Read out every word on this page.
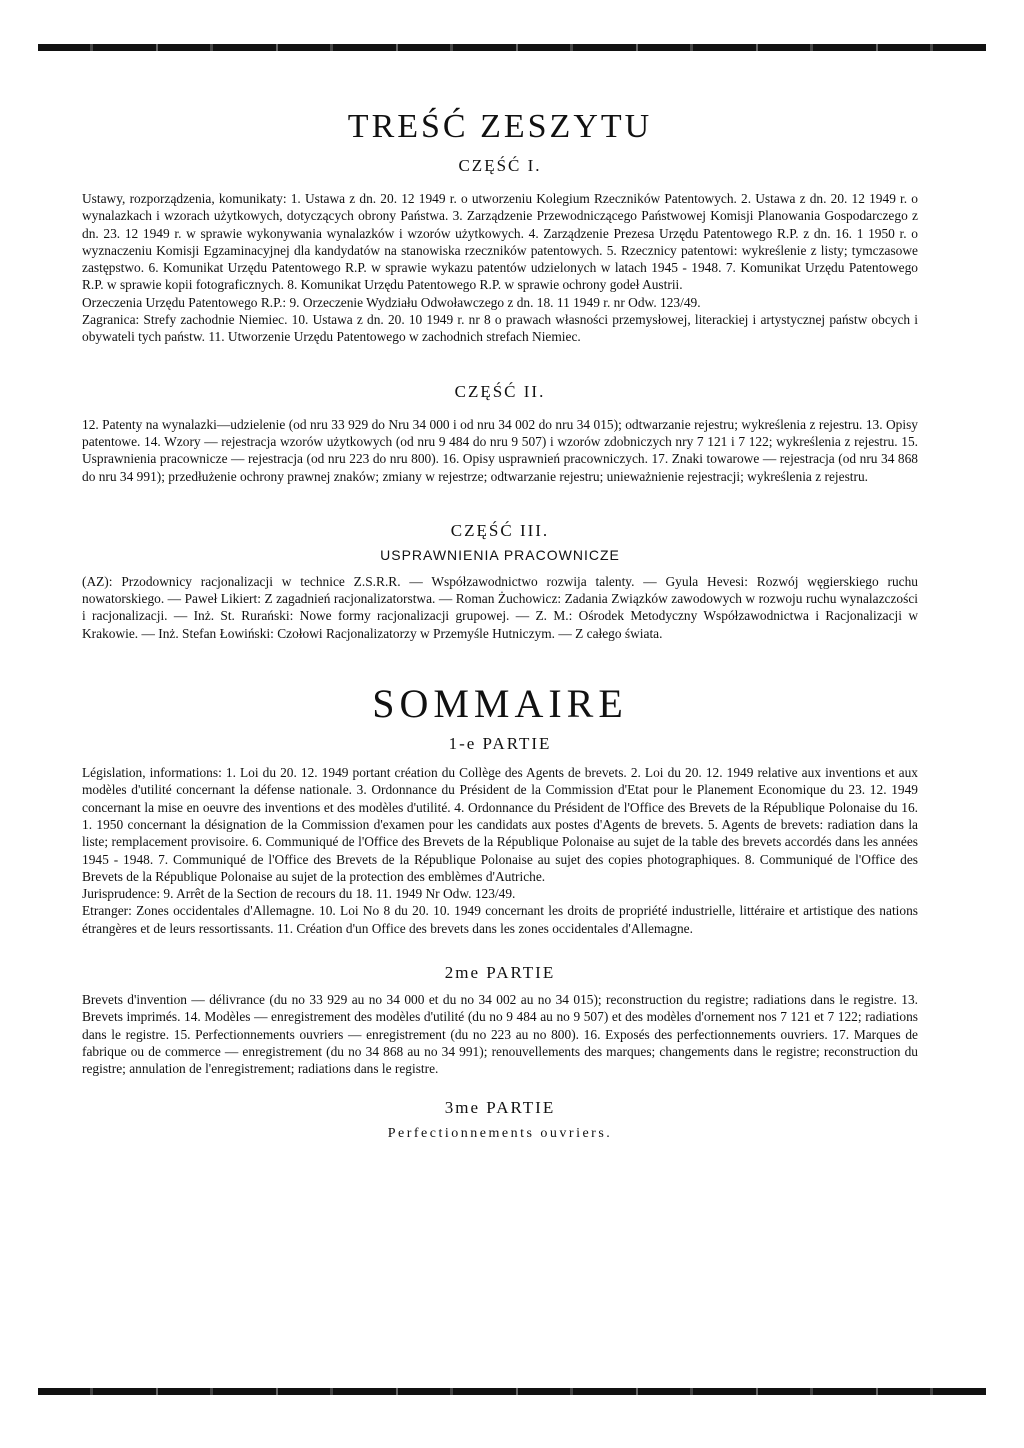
TREŚĆ ZESZYTU
CZĘŚĆ I.

Ustawy, rozporządzenia, komunikaty: 1. Ustawa z dn. 20. 12 1949 r. o utworzeniu Kolegium Rzeczników Patentowych. 2. Ustawa z dn. 20. 12 1949 r. o wynalazkach i wzorach użytkowych, dotyczących obrony Państwa. 3. Zarządzenie Przewodniczącego Państwowej Komisji Planowania Gospodarczego z dn. 23. 12 1949 r. w sprawie wykonywania wynalazków i wzorów użytkowych. 4. Zarządzenie Prezesa Urzędu Patentowego R.P. z dn. 16. 1 1950 r. o wyznaczeniu Komisji Egzaminacyjnej dla kandydatów na stanowiska rzeczników patentowych. 5. Rzecznicy patentowi: wykreślenie z listy; tymczasowe zastępstwo. 6. Komunikat Urzędu Patentowego R.P. w sprawie wykazu patentów udzielonych w latach 1945 - 1948. 7. Komunikat Urzędu Patentowego R.P. w sprawie kopii fotograficznych. 8. Komunikat Urzędu Patentowego R.P. w sprawie ochrony godeł Austrii.

Orzeczenia Urzędu Patentowego R.P.: 9. Orzeczenie Wydziału Odwoławczego z dn. 18. 11 1949 r. nr Odw. 123/49.

Zagranica: Strefy zachodnie Niemiec. 10. Ustawa z dn. 20. 10 1949 r. nr 8 o prawach własności przemysłowej, literackiej i artystycznej państw obcych i obywateli tych państw. 11. Utworzenie Urzędu Patentowego w zachodnich strefach Niemiec.

CZĘŚĆ II.

12. Patenty na wynalazki—udzielenie (od nru 33 929 do Nru 34 000 i od nru 34 002 do nru 34 015); odtwarzanie rejestru; wykreślenia z rejestru. 13. Opisy patentowe. 14. Wzory — rejestracja wzorów użytkowych (od nru 9 484 do nru 9 507) i wzorów zdobniczych nry 7 121 i 7 122; wykreślenia z rejestru. 15. Usprawnienia pracownicze — rejestracja (od nru 223 do nru 800). 16. Opisy usprawnień pracowniczych. 17. Znaki towarowe — rejestracja (od nru 34 868 do nru 34 991); przedłużenie ochrony prawnej znaków; zmiany w rejestrze; odtwarzanie rejestru; unieważnienie rejestracji; wykreślenia z rejestru.

CZĘŚĆ III.
USPRAWNIENIA PRACOWNICZE

(AZ): Przodownicy racjonalizacji w technice Z.S.R.R. — Współzawodnictwo rozwija talenty. — Gyula Hevesi: Rozwój węgierskiego ruchu nowatorskiego. — Paweł Likiert: Z zagadnień racjonalizatorstwa. — Roman Żuchowicz: Zadania Związków zawodowych w rozwoju ruchu wynalazczości i racjonalizacji. — Inż. St. Rurański: Nowe formy racjonalizacji grupowej. — Z. M.: Ośrodek Metodyczny Współzawodnictwa i Racjonalizacji w Krakowie. — Inż. Stefan Łowiński: Czołowi Racjonalizatorzy w Przemyśle Hutniczym. — Z całego świata.

SOMMAIRE
1-e PARTIE

Législation, informations: 1. Loi du 20. 12. 1949 portant création du Collège des Agents de brevets. 2. Loi du 20. 12. 1949 relative aux inventions et aux modèles d'utilité concernant la défense nationale. 3. Ordonnance du Président de la Commission d'Etat pour le Planement Economique du 23. 12. 1949 concernant la mise en oeuvre des inventions et des modèles d'utilité. 4. Ordonnance du Président de l'Office des Brevets de la République Polonaise du 16. 1. 1950 concernant la désignation de la Commission d'examen pour les candidats aux postes d'Agents de brevets. 5. Agents de brevets: radiation dans la liste; remplacement provisoire. 6. Communiqué de l'Office des Brevets de la République Polonaise au sujet de la table des brevets accordés dans les années 1945 - 1948. 7. Communiqué de l'Office des Brevets de la République Polonaise au sujet des copies photographiques. 8. Communiqué de l'Office des Brevets de la République Polonaise au sujet de la protection des emblèmes d'Autriche.

Jurisprudence: 9. Arrêt de la Section de recours du 18. 11. 1949 Nr Odw. 123/49.

Etranger: Zones occidentales d'Allemagne. 10. Loi No 8 du 20. 10. 1949 concernant les droits de propriété industrielle, littéraire et artistique des nations étrangères et de leurs ressortissants. 11. Création d'un Office des brevets dans les zones occidentales d'Allemagne.

2me PARTIE

Brevets d'invention — délivrance (du no 33 929 au no 34 000 et du no 34 002 au no 34 015); reconstruction du registre; radiations dans le registre. 13. Brevets imprimés. 14. Modèles — enregistrement des modèles d'utilité (du no 9 484 au no 9 507) et des modèles d'ornement nos 7 121 et 7 122; radiations dans le registre. 15. Perfectionnements ouvriers — enregistrement (du no 223 au no 800). 16. Exposés des perfectionnements ouvriers. 17. Marques de fabrique ou de commerce — enregistrement (du no 34 868 au no 34 991); renouvellements des marques; changements dans le registre; reconstruction du registre; annulation de l'enregistrement; radiations dans le registre.

3me PARTIE
Perfectionnements ouvriers.
